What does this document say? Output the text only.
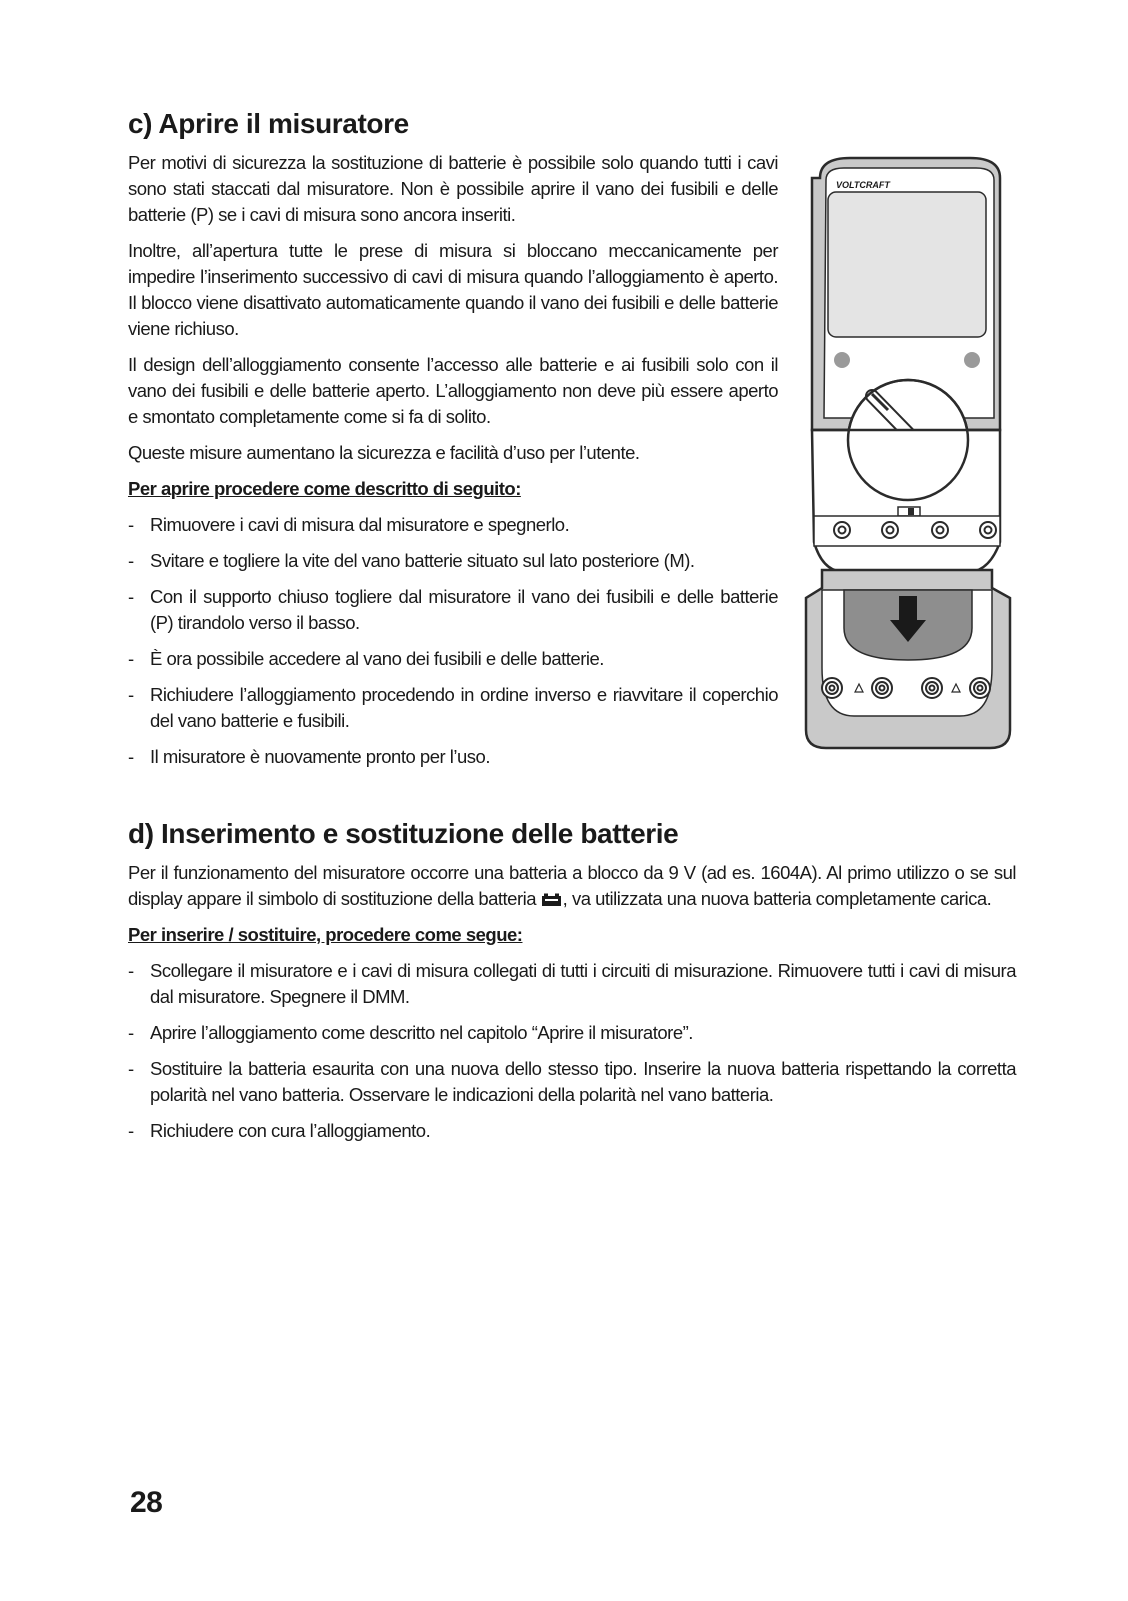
c) Aprire il misuratore

Per motivi di sicurezza la sostituzione di batterie è possibile solo quando tutti i cavi sono stati staccati dal misuratore. Non è possibile aprire il vano dei fusibili e delle batterie (P) se i cavi di misura sono ancora inseriti.

Inoltre, all’apertura tutte le prese di misura si bloccano meccanicamente per impedire l’inserimento successivo di cavi di misura quando l’alloggiamento è aperto. Il blocco viene disattivato automaticamente quando il vano dei fusibili e delle batterie viene richiuso.

Il design dell’alloggiamento consente l’accesso alle batterie e ai fusibili solo con il vano dei fusibili e delle batterie aperto. L’alloggiamento non deve più essere aperto e smontato completamente come si fa di solito.

Queste misure aumentano la sicurezza e facilità d’uso per l’utente.

Per aprire procedere come descritto di seguito:

- Rimuovere i cavi di misura dal misuratore e spegnerlo.
- Svitare e togliere la vite del vano batterie situato sul lato posteriore (M).
- Con il supporto chiuso togliere dal misuratore il vano dei fusibili e delle batterie (P) tirandolo verso il basso.
- È ora possibile accedere al vano dei fusibili e delle batterie.
- Richiudere l’alloggiamento procedendo in ordine inverso e riavvitare il coperchio del vano batterie e fusibili.
- Il misuratore è nuovamente pronto per l’uso.
VOLTCRAFT
d) Inserimento e sostituzione delle batterie

Per il funzionamento del misuratore occorre una batteria a blocco da 9 V (ad es. 1604A). Al primo utilizzo o se sul display appare il simbolo di sostituzione della batteria , va utilizzata una nuova batteria completamente carica.

Per inserire / sostituire, procedere come segue:

- Scollegare il misuratore e i cavi di misura collegati di tutti i circuiti di misurazione. Rimuovere tutti i cavi di misura dal misuratore. Spegnere il DMM.
- Aprire l’alloggiamento come descritto nel capitolo “Aprire il misuratore”.
- Sostituire la batteria esaurita con una nuova dello stesso tipo. Inserire la nuova batteria rispettando la corretta polarità nel vano batteria. Osservare le indicazioni della polarità nel vano batteria.
- Richiudere con cura l’alloggiamento.
28
